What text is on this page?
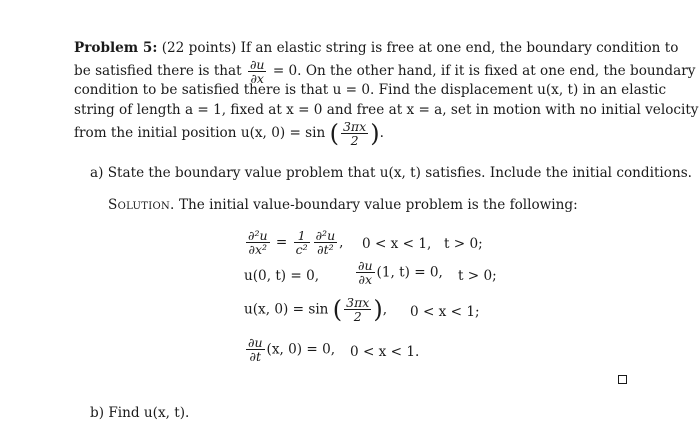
Problem 5: (22 points) If an elastic string is free at one end, the boundary condition to
be satisfied there is that $\frac{\partial u}{\partial x} = 0$. On the other hand, if it is fixed at one end, the boundary
condition to be satisfied there is that u = 0. Find the displacement u(x, t) in an elastic
string of length a = 1, fixed at x = 0 and free at x = a, set in motion with no initial velocity
from the initial position u(x, 0) = sin ( $\frac{3\pi x}{2}$ ).
a) State the boundary value problem that u(x, t) satisfies. Include the initial conditions.
Solution. The initial value-boundary value problem is the following:
$\frac{\text{∂²u}}{\text{∂x²}} = \frac{1}{\text{c²}} \frac{\text{∂²u}}{\text{∂t²}}$ , 0 < x < 1, t > 0;
u(0, t) = 0,	$\frac{\partial u}{\partial x} (1$, t) = 0, t > 0;
u(x, 0) = sin ( $\frac{3\pi x}{2}$ ), 0 < x < 1;
$\frac{\partial u}{\partial t} (x$, 0) = 0, 0 < x < 1.
b) Find u(x, t).
